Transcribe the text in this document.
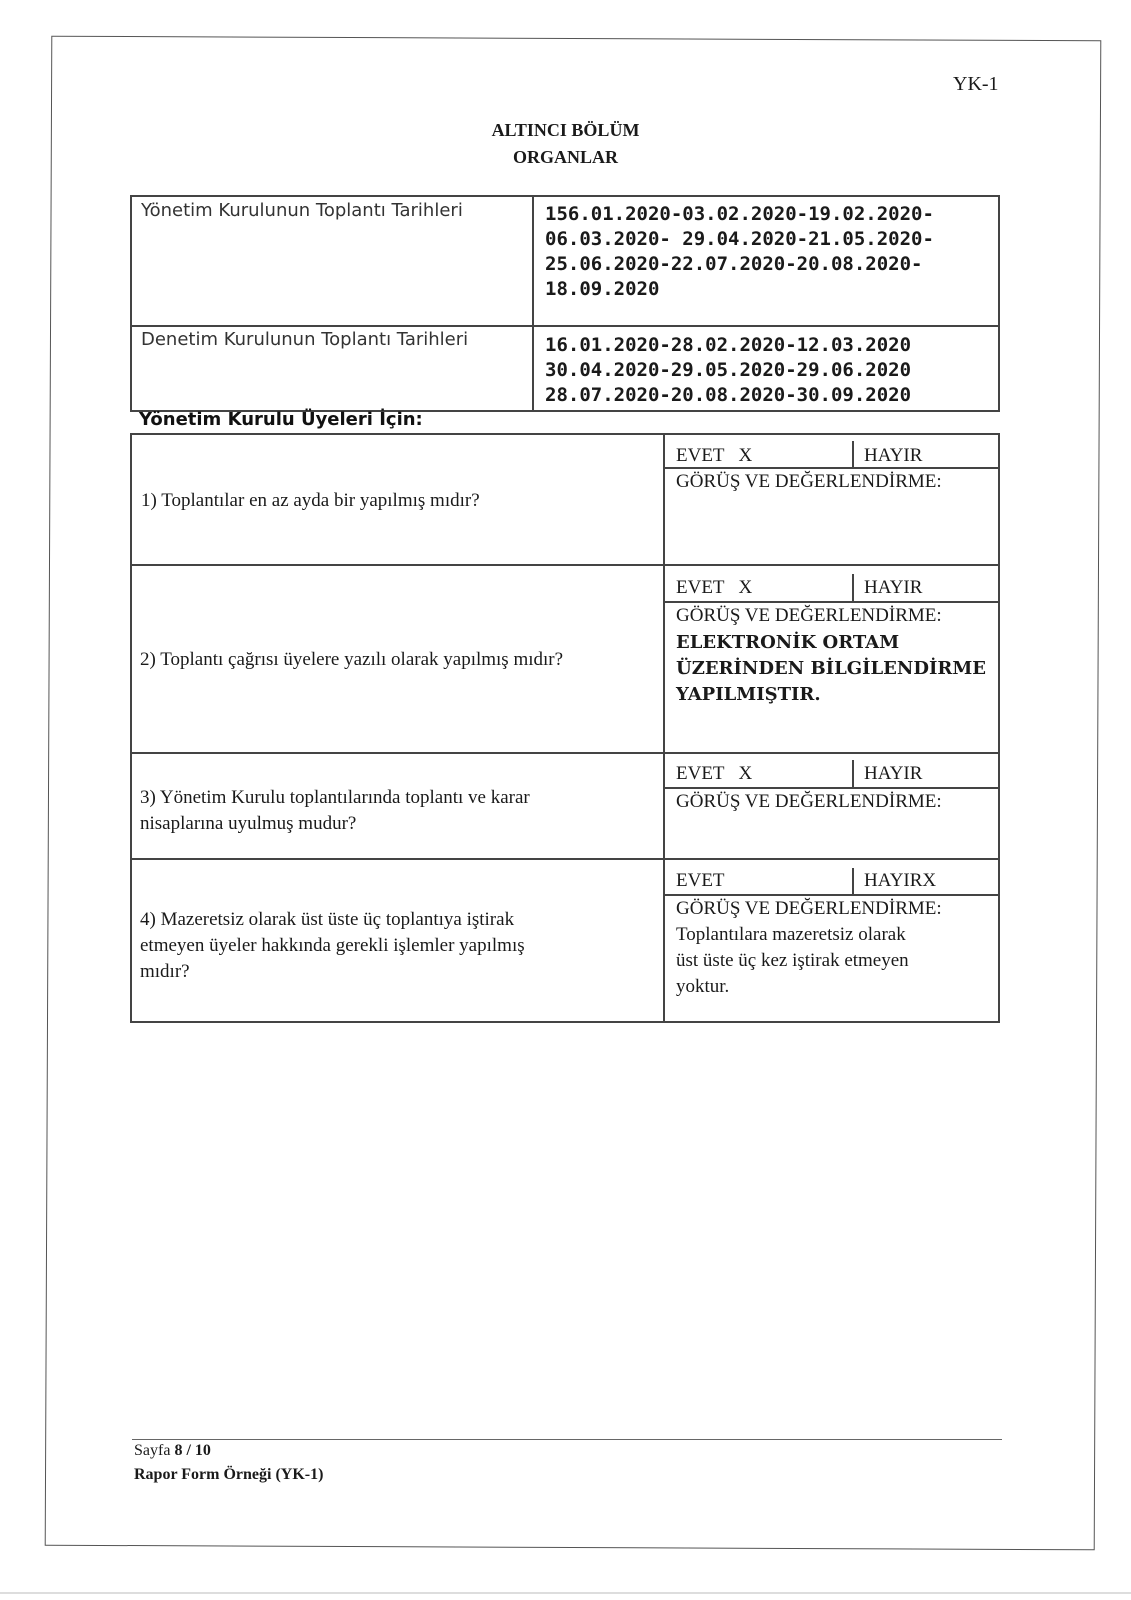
YK-1
ALTINCI BÖLÜM
ORGANLAR
Yönetim Kurulunun Toplantı Tarihleri	156.01.2020-03.02.2020-19.02.2020-
06.03.2020- 29.04.2020-21.05.2020-
25.06.2020-22.07.2020-20.08.2020-
18.09.2020
Denetim Kurulunun Toplantı Tarihleri	16.01.2020-28.02.2020-12.03.2020
30.04.2020-29.05.2020-29.06.2020
28.07.2020-20.08.2020-30.09.2020
Yönetim Kurulu Üyeleri İçin:
1) Toplantılar en az ayda bir yapılmış mıdır?
EVET   X	HAYIR
GÖRÜŞ VE DEĞERLENDİRME:
2) Toplantı çağrısı üyelere yazılı olarak yapılmış mıdır?
EVET   X	HAYIR
GÖRÜŞ VE DEĞERLENDİRME:
ELEKTRONİK ORTAM
ÜZERİNDEN BİLGİLENDİRME
YAPILMIŞTIR.
3) Yönetim Kurulu toplantılarında toplantı ve karar
nisaplarına uyulmuş mudur?
EVET   X	HAYIR
GÖRÜŞ VE DEĞERLENDİRME:
4) Mazeretsiz olarak üst üste üç toplantıya iştirak
etmeyen üyeler hakkında gerekli işlemler yapılmış
mıdır?
EVET	HAYIRX
GÖRÜŞ VE DEĞERLENDİRME:
Toplantılara mazeretsiz olarak
üst üste üç kez iştirak etmeyen
yoktur.
Sayfa 8 / 10
Rapor Form Örneği (YK-1)
